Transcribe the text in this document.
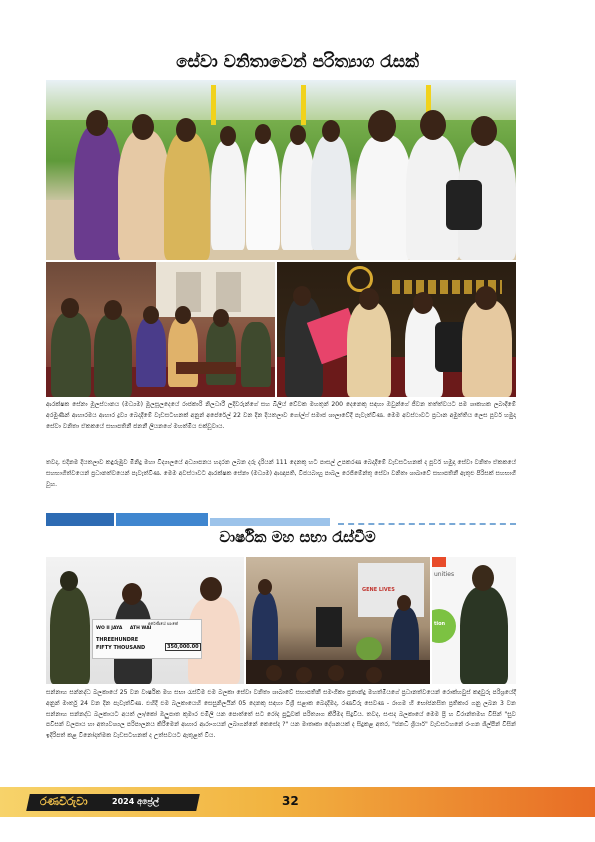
සේවා වනිතාවෙන් පරිත්‍යාග රැසක්

ආරක්ෂක සේනා මූලස්ථානය (මධ්‍යම) මූලසූලදෙයේ රාජකාරි නිලධාරී ලදිවරුන්ගේ සහ බිලිය් වේවක මහතුන් 200 දෙනෙකු සඳහා ඔවුන්ගේ ජීවන තත්ත්වයට පම ශාකහක ලබාදීමේ අරමුණින් ආහාරමය ආහාර ද්‍රව්‍ය බෙදාදීමේ වැඩසටහනක් අනුන් අපේ‍රේල් 22 වන දින දියතලාව ගෝල්ෆ් සමාජ ශාලාවේදී පැවැත්විණ. මෙම අවස්ථාවට ප්‍රධාන අමුත්තිය ලෙස පූර්ව හමුදා සේවා වනිතා ඒකකයේ සභාපතිනී ජනනී ලියනගේ මහත්මිය එක්වූවාය.

තවද, එදිනම දියතලාව කඳුරුඹුව මිනිදු මහා විද්‍යාලයේ අධ්‍යාපනය හදාරන ලබන දරු දැරියන් 111 දෙනකු හට පාසල් උපකරණ බෙදාදීමේ වැඩසටහනක් ද පූර්ව හමුදා සේවා වනිතා ඒකකයේ සහභාගිත්වයෙන් ප්‍රධානත්වයෙන් පැවැත්විණ. මෙම අවස්ථාවට ආරක්ෂක සේනා (මධ්‍යම) ආඥාපති, විජයබාහු පාබල රෙජිමේන්තු සේවා වනිතා ශාඛාවේ සභාපතිනී ඇතුළු පිරිසක් සහභාගී වූහ.

වාර්ෂික මහ සභා රැස්වීම
අරේණියේ සාංකේ
WO II JAYA ATH WAI
THREEHUNDRE
FIFTY THOUSAND	350,000.00
GENE LIVES
unities
tion

සන්නාහ සන්නද්ධ බලකායේ 25 වන වාර්ෂික මහ සභා රැස්වීම එම බලකා සේවා වනිතා ශාඛාවේ සභාපතිනී සමංගිකා ප්‍රනාන්දු මහත්මියගේ ප්‍රධානත්වයෙන් රොක්හවුස් කඳවුරු පරිශ්‍රයේදී අනුන් මාර්තු 24 වන දින පැවැත්විණ. එහිදී එම බලකායෙහි සෙසුනිලයින් 05 දෙනකු සඳහා විශ්‍රී සළාක බෙදාදීමද, රණවිරු සෙවණ - රාගම හි භෝජනසිත ප්‍රතිකාර ගනු ලබන 3 වන සන්නාහ සන්නද්ධ බලකායට අයත් ලා/කෝ ඔලුපාත කුමාර එමිලි යන පොත්තේ සට රෝද පුටුවක් පරිත්‍යාග කිරීමද සිදුවිය. තවද, සංසද බලකායේ මෙම ප්‍රි හ විරාන්තමහ විසින් "සුව පවිසන් වලපාය හා අත්‍යවශ්‍යල පරිපාලනය කිරීමෙන් ආහාර ආරාංගයන් ලබාගන්නේ කෙසේද ?" යන මාතෘකා දේශනයක් ද සිදුකළ අතර, "ජනධි ශ්‍රියාර්" වැඩසටහනේ රංගන ශිල්පීන් විසින් ඉදිරිපත් කළ විනෝදාත්මක වැඩසටහනක් ද උත්සවයට ඇතුළත් විය.

රණවිරුවා	2024 අප්‍රේල්	32
